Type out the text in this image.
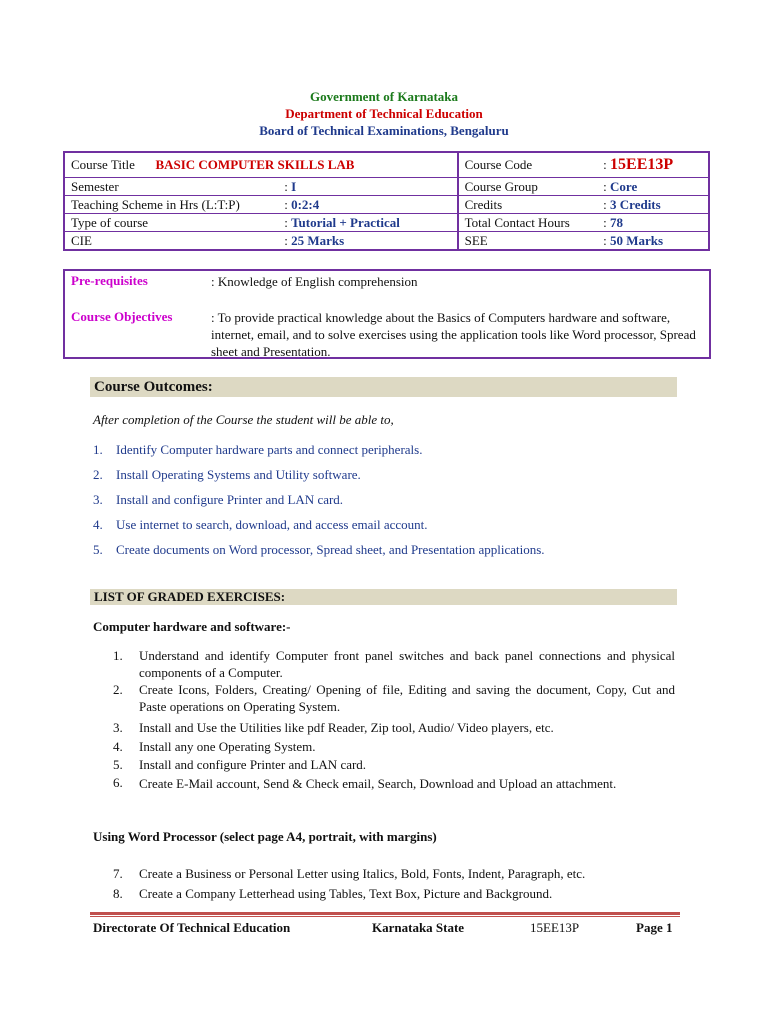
Government of Karnataka
Department of Technical Education
Board of Technical Examinations, Bengaluru
Course Title BASIC COMPUTER SKILLS LAB		Course Code	: 15EE13P
Semester	: I	Course Group	: Core
Teaching Scheme in Hrs (L:T:P)	: 0:2:4	Credits	: 3 Credits
Type of course	: Tutorial + Practical	Total Contact Hours	: 78
CIE	: 25 Marks	SEE	: 50 Marks
Pre-requisites	: Knowledge of English comprehension
Course Objectives	: To provide practical knowledge about the Basics of Computers hardware and software, internet, email, and to solve exercises using the application tools like Word processor, Spread sheet and Presentation.
Course Outcomes:
After completion of the Course the student will be able to,
1. Identify Computer hardware parts and connect peripherals.
2. Install Operating Systems and Utility software.
3. Install and configure Printer and LAN card.
4. Use internet to search, download, and access email account.
5. Create documents on Word processor, Spread sheet, and Presentation applications.
LIST OF GRADED EXERCISES:
Computer hardware and software:-
1.	Understand and identify Computer front panel switches and back panel connections and physical components of a Computer.
2.	Create Icons, Folders, Creating/ Opening of file, Editing and saving the document, Copy, Cut and Paste operations on Operating System.
3.	Install and Use the Utilities like pdf Reader, Zip tool, Audio/ Video players, etc.
4.	Install any one Operating System.
5.	Install and configure Printer and LAN card.
6.	Create E-Mail account, Send & Check email, Search, Download and Upload an attachment.
Using Word Processor (select page A4, portrait, with margins)
7.	Create a Business or Personal Letter using Italics, Bold, Fonts, Indent, Paragraph, etc.
8.	Create a Company Letterhead using Tables, Text Box, Picture and Background.
Directorate Of Technical Education	Karnataka State	15EE13P	Page 1
